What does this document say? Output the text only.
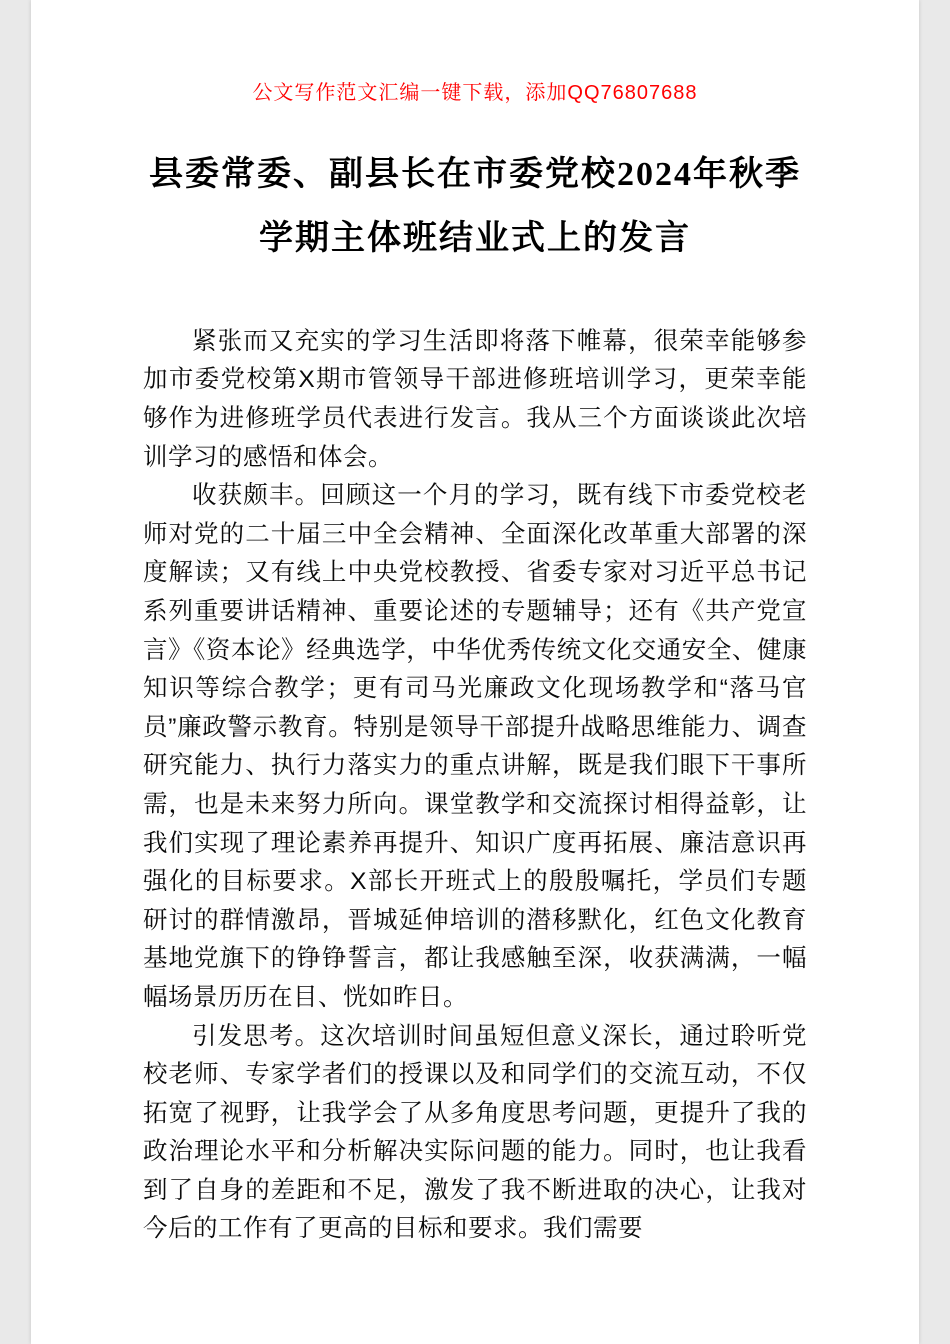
公文写作范文汇编一键下载，添加QQ76807688
县委常委、副县长在市委党校2024年秋季学期主体班结业式上的发言

紧张而又充实的学习生活即将落下帷幕，很荣幸能够参加市委党校第X期市管领导干部进修班培训学习，更荣幸能够作为进修班学员代表进行发言。我从三个方面谈谈此次培训学习的感悟和体会。

收获颇丰。回顾这一个月的学习，既有线下市委党校老师对党的二十届三中全会精神、全面深化改革重大部署的深度解读；又有线上中央党校教授、省委专家对习近平总书记系列重要讲话精神、重要论述的专题辅导；还有《共产党宣言》《资本论》经典选学，中华优秀传统文化交通安全、健康知识等综合教学；更有司马光廉政文化现场教学和“落马官员”廉政警示教育。特别是领导干部提升战略思维能力、调查研究能力、执行力落实力的重点讲解，既是我们眼下干事所需，也是未来努力所向。课堂教学和交流探讨相得益彰，让我们实现了理论素养再提升、知识广度再拓展、廉洁意识再强化的目标要求。X部长开班式上的殷殷嘱托，学员们专题研讨的群情激昂，晋城延伸培训的潜移默化，红色文化教育基地党旗下的铮铮誓言，都让我感触至深，收获满满，一幅幅场景历历在目、恍如昨日。

引发思考。这次培训时间虽短但意义深长，通过聆听党校老师、专家学者们的授课以及和同学们的交流互动，不仅拓宽了视野，让我学会了从多角度思考问题，更提升了我的政治理论水平和分析解决实际问题的能力。同时，也让我看到了自身的差距和不足，激发了我不断进取的决心，让我对今后的工作有了更高的目标和要求。我们需要
